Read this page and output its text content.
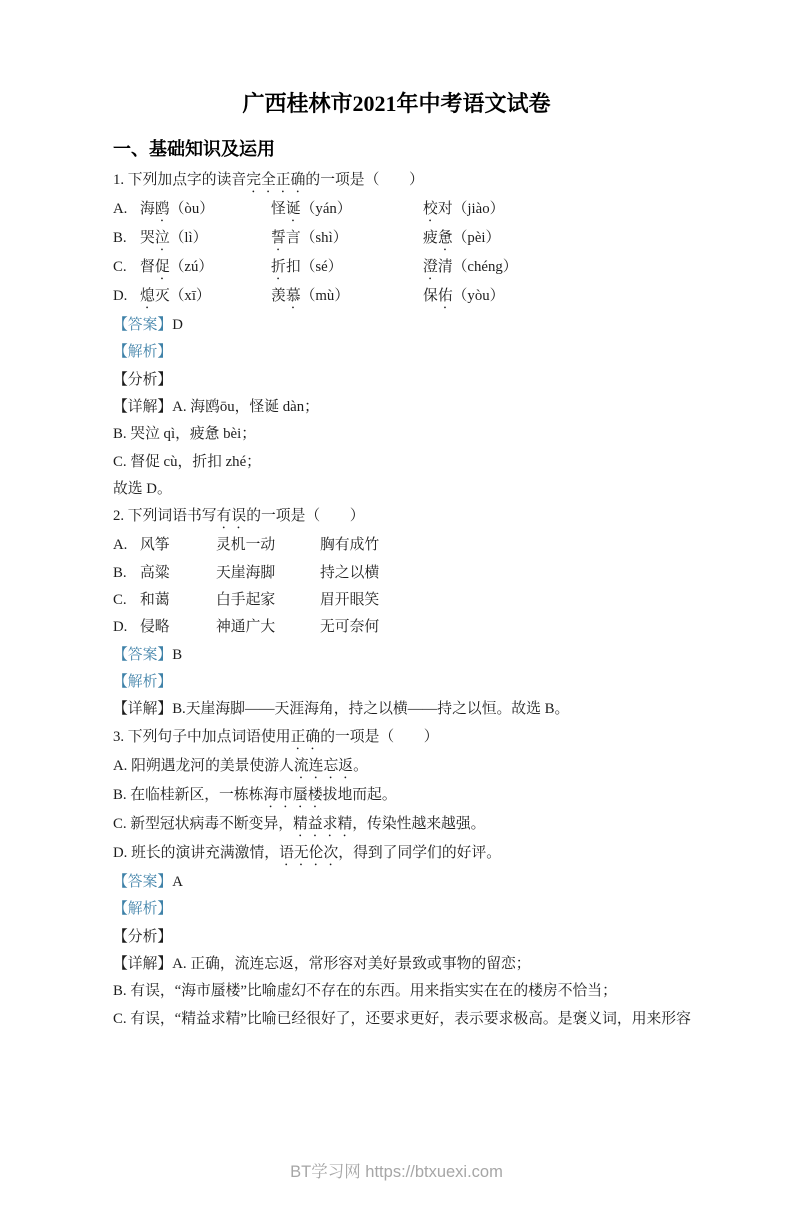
广西桂林市2021年中考语文试卷
一、基础知识及运用

1. 下列加点字的读音完全正确的一项是（　　）

A. 海鸥（òu）	怪诞（yán）	校对（jiào）

B. 哭泣（lì）	誓言（shì）	疲惫（pèi）

C. 督促（zú）	折扣（sé）	澄清（chéng）

D. 熄灭（xī）	羡慕（mù）	保佑（yòu）

【答案】D

【解析】

【分析】

【详解】A. 海鸥ōu，怪诞 dàn；

B. 哭泣 qì，疲惫 bèi；

C. 督促 cù，折扣 zhé；

故选 D。

2. 下列词语书写有误的一项是（　　）

A. 风筝	灵机一动	胸有成竹

B. 高粱	天崖海脚	持之以横

C. 和蔼	白手起家	眉开眼笑

D. 侵略	神通广大	无可奈何

【答案】B

【解析】

【详解】B.天崖海脚——天涯海角，持之以横——持之以恒。故选 B。

3. 下列句子中加点词语使用正确的一项是（　　）

A. 阳朔遇龙河的美景使游人流连忘返。

B. 在临桂新区，一栋栋海市蜃楼拔地而起。

C. 新型冠状病毒不断变异，精益求精，传染性越来越强。

D. 班长的演讲充满激情，语无伦次，得到了同学们的好评。

【答案】A

【解析】

【分析】

【详解】A. 正确，流连忘返，常形容对美好景致或事物的留恋；

B. 有误，“海市蜃楼”比喻虚幻不存在的东西。用来指实实在在的楼房不恰当；

C. 有误，“精益求精”比喻已经很好了，还要求更好，表示要求极高。是褒义词，用来形容

BT学习网 https://btxuexi.com
